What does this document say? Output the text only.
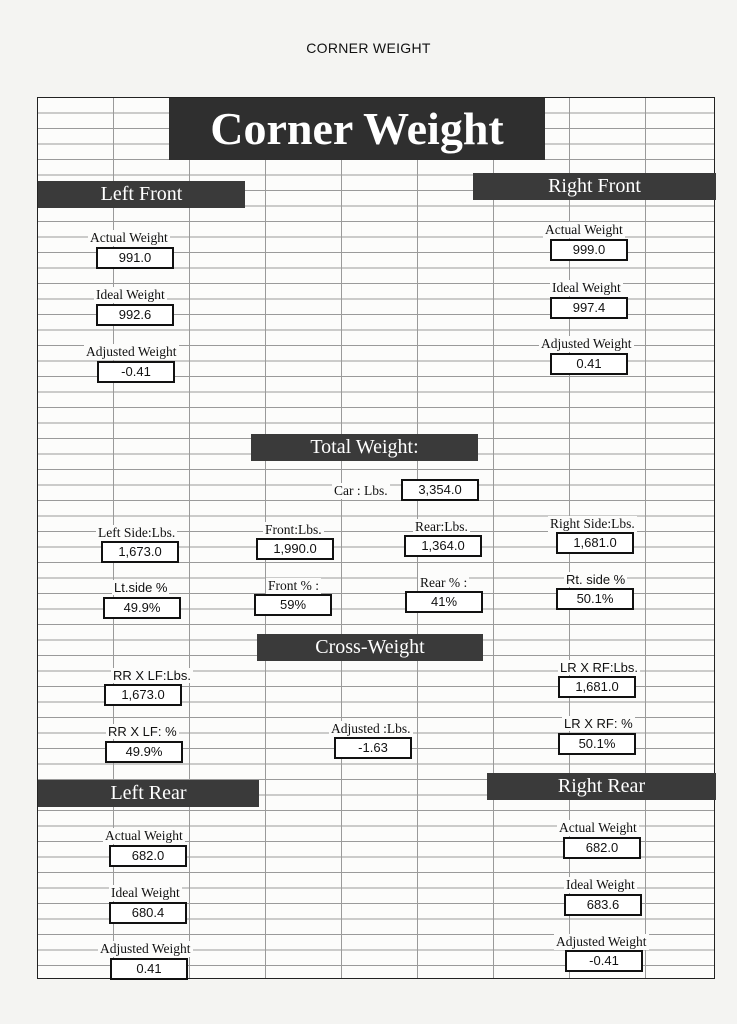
CORNER WEIGHT
Corner Weight
Left Front
Actual Weight
991.0
Ideal Weight
992.6
Adjusted Weight
-0.41
Right Front
Actual Weight
999.0
Ideal Weight
997.4
Adjusted Weight
0.41
Total Weight:
Car : Lbs.	3,354.0
Left Side:Lbs.
1,673.0
Front:Lbs.
1,990.0
Rear:Lbs.
1,364.0
Right Side:Lbs.
1,681.0
Lt.side %
49.9%
Front % :
59%
Rear % :
41%
Rt. side %
50.1%
Cross-Weight
RR X LF:Lbs.
1,673.0
LR X RF:Lbs.
1,681.0
RR X LF: %
49.9%
Adjusted :Lbs.
-1.63
LR X RF: %
50.1%
Left Rear
Actual Weight
682.0
Ideal Weight
680.4
Adjusted Weight
0.41
Right Rear
Actual Weight
682.0
Ideal Weight
683.6
Adjusted Weight
-0.41
